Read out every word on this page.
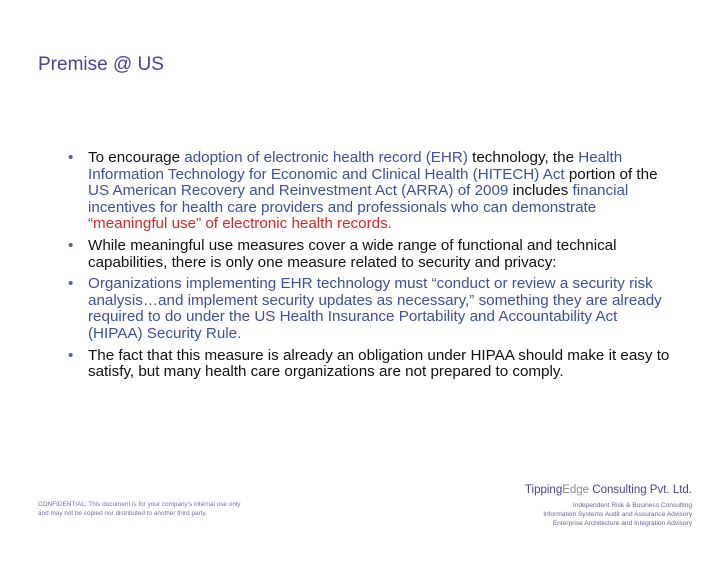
Premise @ US
• To encourage adoption of electronic health record (EHR) technology, the Health Information Technology for Economic and Clinical Health (HITECH) Act portion of the US American Recovery and Reinvestment Act (ARRA) of 2009 includes financial incentives for health care providers and professionals who can demonstrate “meaningful use” of electronic health records.
• While meaningful use measures cover a wide range of functional and technical capabilities, there is only one measure related to security and privacy:
• Organizations implementing EHR technology must “conduct or review a security risk analysis…and implement security updates as necessary,” something they are already required to do under the US Health Insurance Portability and Accountability Act (HIPAA) Security Rule.
• The fact that this measure is already an obligation under HIPAA should make it easy to satisfy, but many health care organizations are not prepared to comply.
CONFIDENTIAL: This document is for your company's internal use only
and may not be copied nor distributed to another third party.
TippingEdge Consulting Pvt. Ltd.
Independent Risk & Business Consulting
Information Systems Audit and Assurance Advisory
Enterprise Architecture and Integration Advisory
